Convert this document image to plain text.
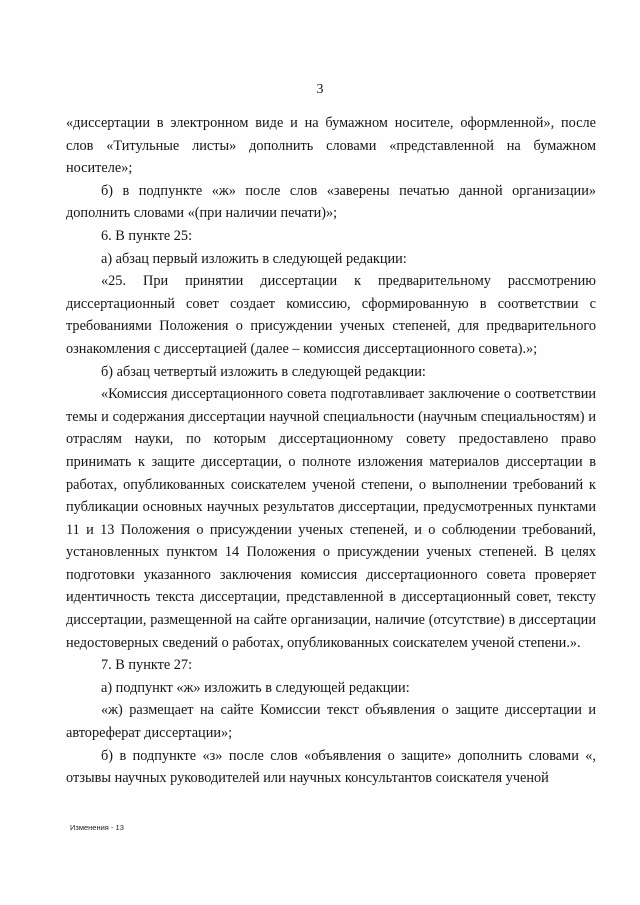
3

«диссертации в электронном виде и на бумажном носителе, оформленной», после слов «Титульные листы» дополнить словами «представленной на бумажном носителе»;

б) в подпункте «ж» после слов «заверены печатью данной организации» дополнить словами «(при наличии печати)»;

6. В пункте 25:

а) абзац первый изложить в следующей редакции:

«25. При принятии диссертации к предварительному рассмотрению диссертационный совет создает комиссию, сформированную в соответствии с требованиями Положения о присуждении ученых степеней, для предварительного ознакомления с диссертацией (далее – комиссия диссертационного совета).»;

б) абзац четвертый изложить в следующей редакции:

«Комиссия диссертационного совета подготавливает заключение о соответствии темы и содержания диссертации научной специальности (научным специальностям) и отраслям науки, по которым диссертационному совету предоставлено право принимать к защите диссертации, о полноте изложения материалов диссертации в работах, опубликованных соискателем ученой степени, о выполнении требований к публикации основных научных результатов диссертации, предусмотренных пунктами 11 и 13 Положения о присуждении ученых степеней, и о соблюдении требований, установленных пунктом 14 Положения о присуждении ученых степеней. В целях подготовки указанного заключения комиссия диссертационного совета проверяет идентичность текста диссертации, представленной в диссертационный совет, тексту диссертации, размещенной на сайте организации, наличие (отсутствие) в диссертации недостоверных сведений о работах, опубликованных соискателем ученой степени.».

7. В пункте 27:

а) подпункт «ж» изложить в следующей редакции:

«ж) размещает на сайте Комиссии текст объявления о защите диссертации и автореферат диссертации»;

б) в подпункте «з» после слов «объявления о защите» дополнить словами «, отзывы научных руководителей или научных консультантов соискателя ученой

Изменения - 13
